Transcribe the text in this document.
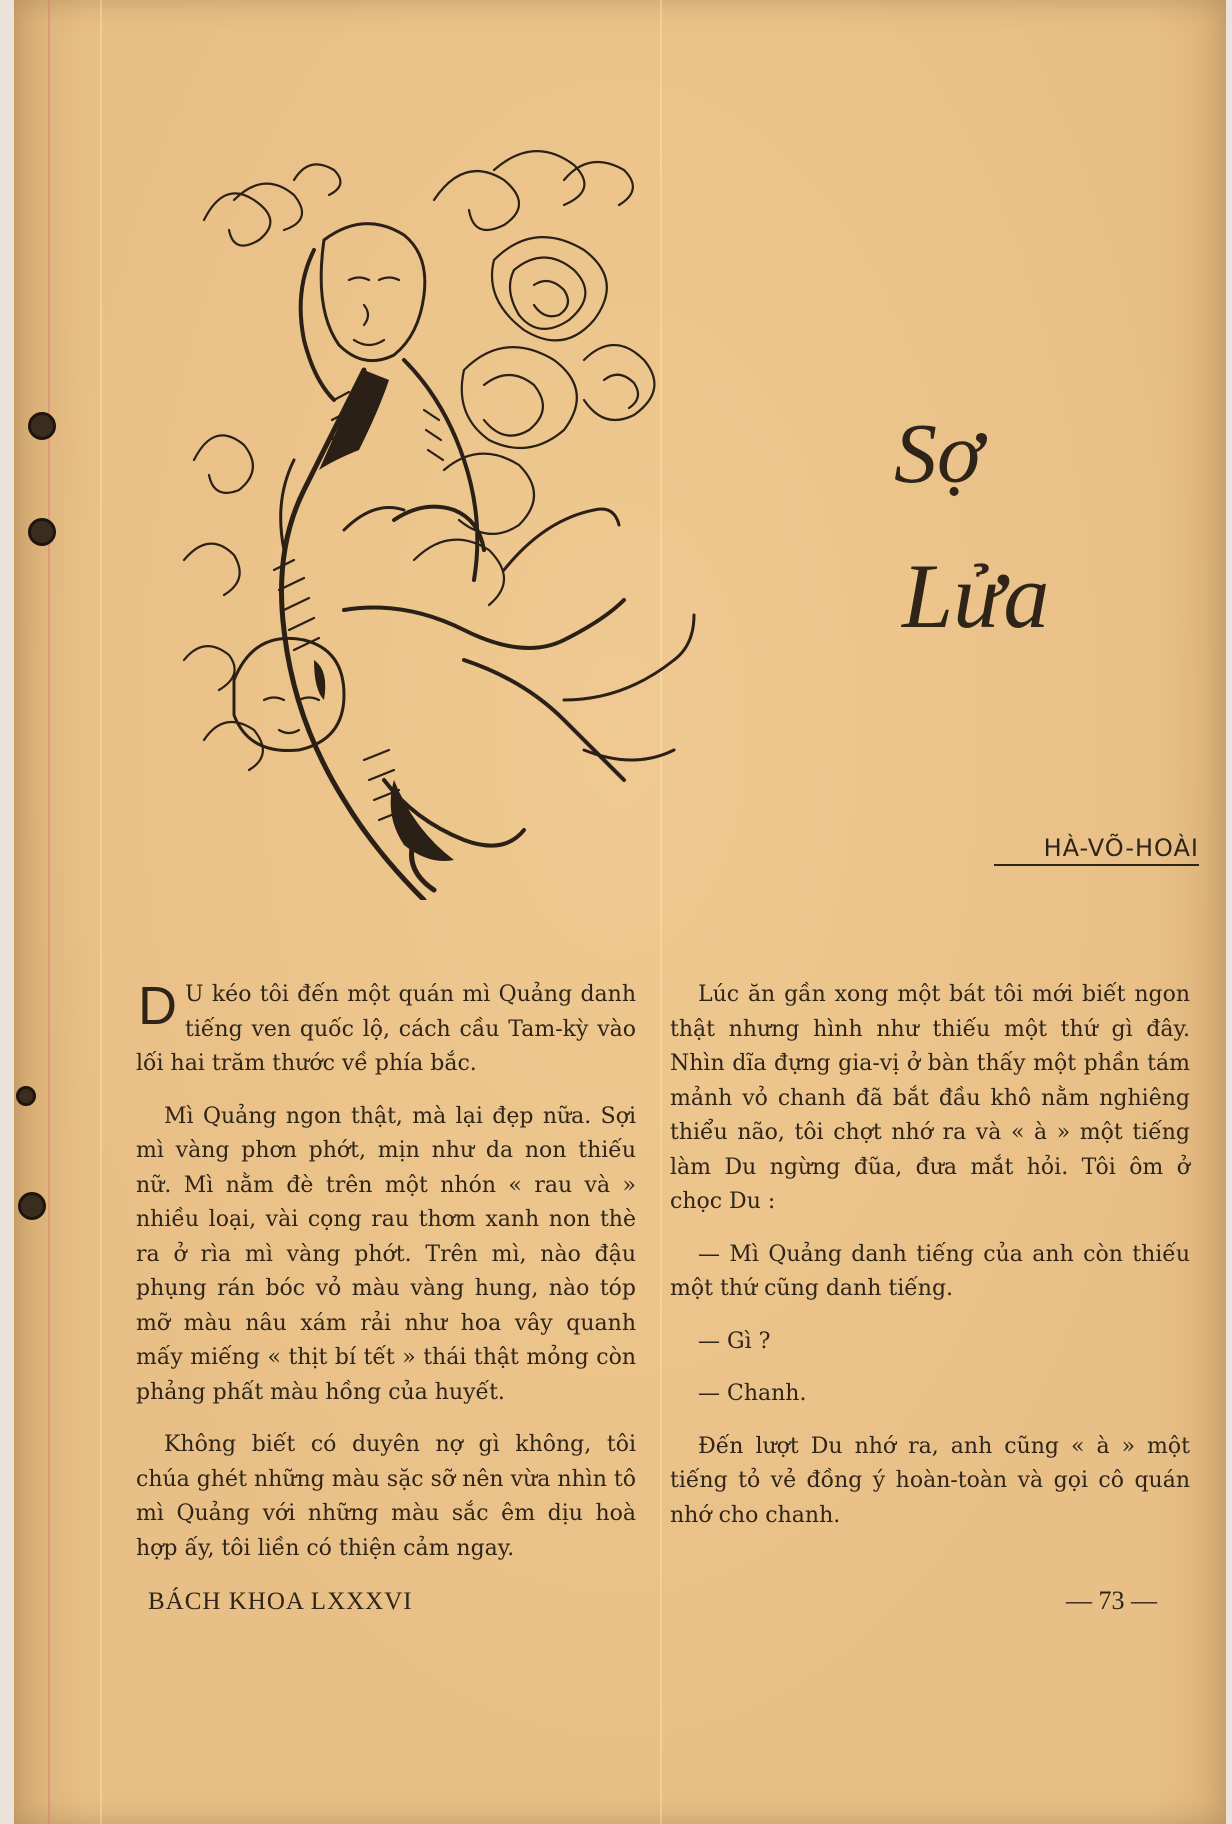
Sợ
Lửa
HÀ-VÕ-HOÀI

D U kéo tôi đến một quán mì Quảng danh tiếng ven quốc lộ, cách cầu Tam-kỳ vào lối hai trăm thước về phía bắc.

Mì Quảng ngon thật, mà lại đẹp nữa. Sợi mì vàng phơn phớt, mịn như da non thiếu nữ. Mì nằm đè trên một nhón « rau và » nhiều loại, vài cọng rau thơm xanh non thè ra ở rìa mì vàng phớt. Trên mì, nào đậu phụng rán bóc vỏ màu vàng hung, nào tóp mỡ màu nâu xám rải như hoa vây quanh mấy miếng « thịt bí tết » thái thật mỏng còn phảng phất màu hồng của huyết.

Không biết có duyên nợ gì không, tôi chúa ghét những màu sặc sỡ nên vừa nhìn tô mì Quảng với những màu sắc êm dịu hoà hợp ấy, tôi liền có thiện cảm ngay.

Lúc ăn gần xong một bát tôi mới biết ngon thật nhưng hình như thiếu một thứ gì đây. Nhìn dĩa đựng gia-vị ở bàn thấy một phần tám mảnh vỏ chanh đã bắt đầu khô nằm nghiêng thiểu não, tôi chợt nhớ ra và « à » một tiếng làm Du ngừng đũa, đưa mắt hỏi. Tôi ôm ở chọc Du :

— Mì Quảng danh tiếng của anh còn thiếu một thứ cũng danh tiếng.

— Gì ?

— Chanh.

Đến lượt Du nhớ ra, anh cũng « à » một tiếng tỏ vẻ đồng ý hoàn-toàn và gọi cô quán nhớ cho chanh.

BÁCH KHOA LXXXVI	— 73 —
